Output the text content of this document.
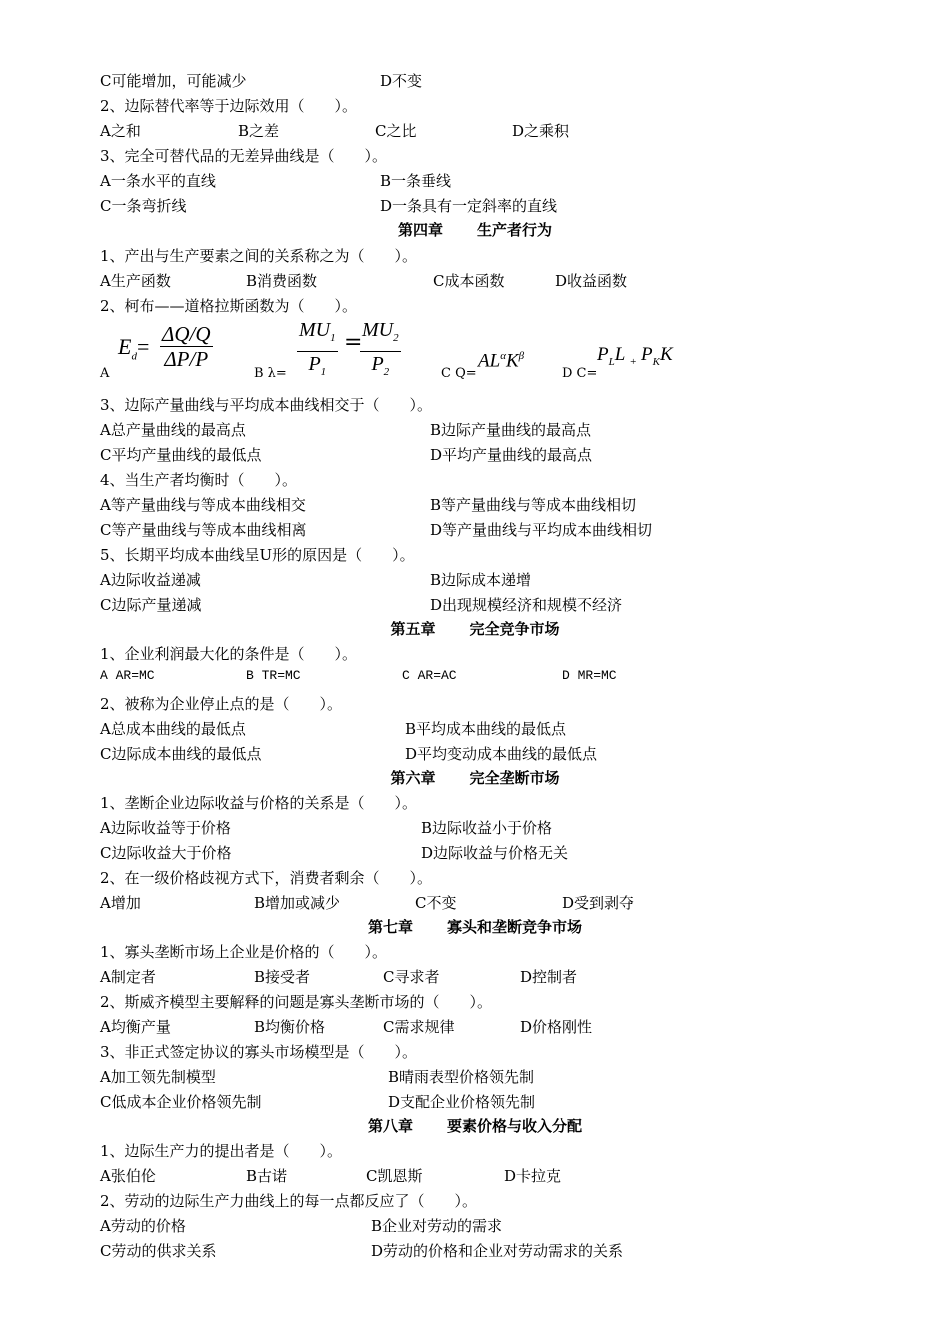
C可能增加，可能减少	D不变
2、边际替代率等于边际效用（　　）。
A之和	B之差	C之比	D之乘积
3、完全可替代品的无差异曲线是（　　）。
A一条水平的直线	B一条垂线
C一条弯折线	D一条具有一定斜率的直线
第四章 生产者行为
1、产出与生产要素之间的关系称之为（　　）。
A生产函数	B消费函数	C成本函数	D收益函数
2、柯布——道格拉斯函数为（　　）。
A
$E_d= \frac{\Delta Q/Q}{\Delta P/P}$
B $\lambda= \frac{MU_1}{P_1}$ =
$\frac{MU_2}{P_2}$	C Q=
$AL^\alpha K^\beta$
D C=
$P_LL$ $_+$ $P_KK$
3、边际产量曲线与平均成本曲线相交于（　　）。
A总产量曲线的最高点	B边际产量曲线的最高点
C平均产量曲线的最低点	D平均产量曲线的最高点
4、当生产者均衡时（　　）。
A等产量曲线与等成本曲线相交	B等产量曲线与等成本曲线相切
C等产量曲线与等成本曲线相离	D等产量曲线与平均成本曲线相切
5、长期平均成本曲线呈U形的原因是（　　）。
A边际收益递减	B边际成本递增
C边际产量递减	D出现规模经济和规模不经济
第五章 完全竞争市场
1、企业利润最大化的条件是（　　）。
A AR=MC	B TR=MC	C AR=AC	D MR=MC
2、被称为企业停止点的是（　　）。
A总成本曲线的最低点	B平均成本曲线的最低点
C边际成本曲线的最低点	D平均变动成本曲线的最低点
第六章 完全垄断市场
1、垄断企业边际收益与价格的关系是（　　）。
A边际收益等于价格	B边际收益小于价格
C边际收益大于价格	D边际收益与价格无关
2、在一级价格歧视方式下，消费者剩余（　　）。
A增加	B增加或减少	C不变	D受到剥夺
第七章 寡头和垄断竞争市场
1、寡头垄断市场上企业是价格的（　　）。
A制定者	B接受者	C寻求者	D控制者
2、斯威齐模型主要解释的问题是寡头垄断市场的（　　）。
A均衡产量	B均衡价格	C需求规律	D价格刚性
3、非正式签定协议的寡头市场模型是（　　）。
A加工领先制模型	B晴雨表型价格领先制
C低成本企业价格领先制	D支配企业价格领先制
第八章 要素价格与收入分配
1、边际生产力的提出者是（　　）。
A张伯伦	B古诺	C凯恩斯	D卡拉克
2、劳动的边际生产力曲线上的每一点都反应了（　　）。
A劳动的价格	B企业对劳动的需求
C劳动的供求关系	D劳动的价格和企业对劳动需求的关系
